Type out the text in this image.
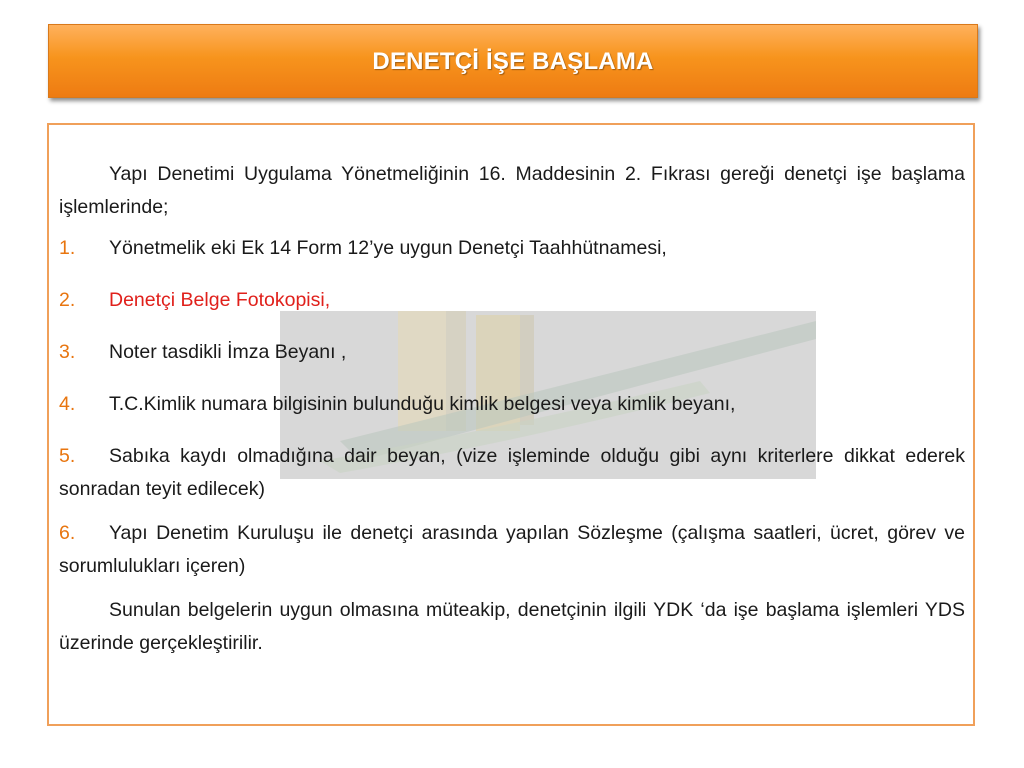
DENETÇİ İŞE BAŞLAMA

Yapı Denetimi Uygulama Yönetmeliğinin 16. Maddesinin 2. Fıkrası gereği denetçi işe başlama işlemlerinde;

1. Yönetmelik eki Ek 14 Form 12’ye uygun Denetçi Taahhütnamesi,

2. Denetçi Belge Fotokopisi,

3. Noter tasdikli İmza Beyanı ,

4. T.C.Kimlik numara bilgisinin bulunduğu kimlik belgesi veya kimlik beyanı,

5. Sabıka kaydı olmadığına dair beyan, (vize işleminde olduğu gibi aynı kriterlere dikkat ederek sonradan teyit edilecek)

6. Yapı Denetim Kuruluşu ile denetçi arasında yapılan Sözleşme (çalışma saatleri, ücret, görev ve sorumlulukları içeren)

Sunulan belgelerin uygun olmasına müteakip, denetçinin ilgili YDK ‘da işe başlama işlemleri YDS üzerinde gerçekleştirilir.
